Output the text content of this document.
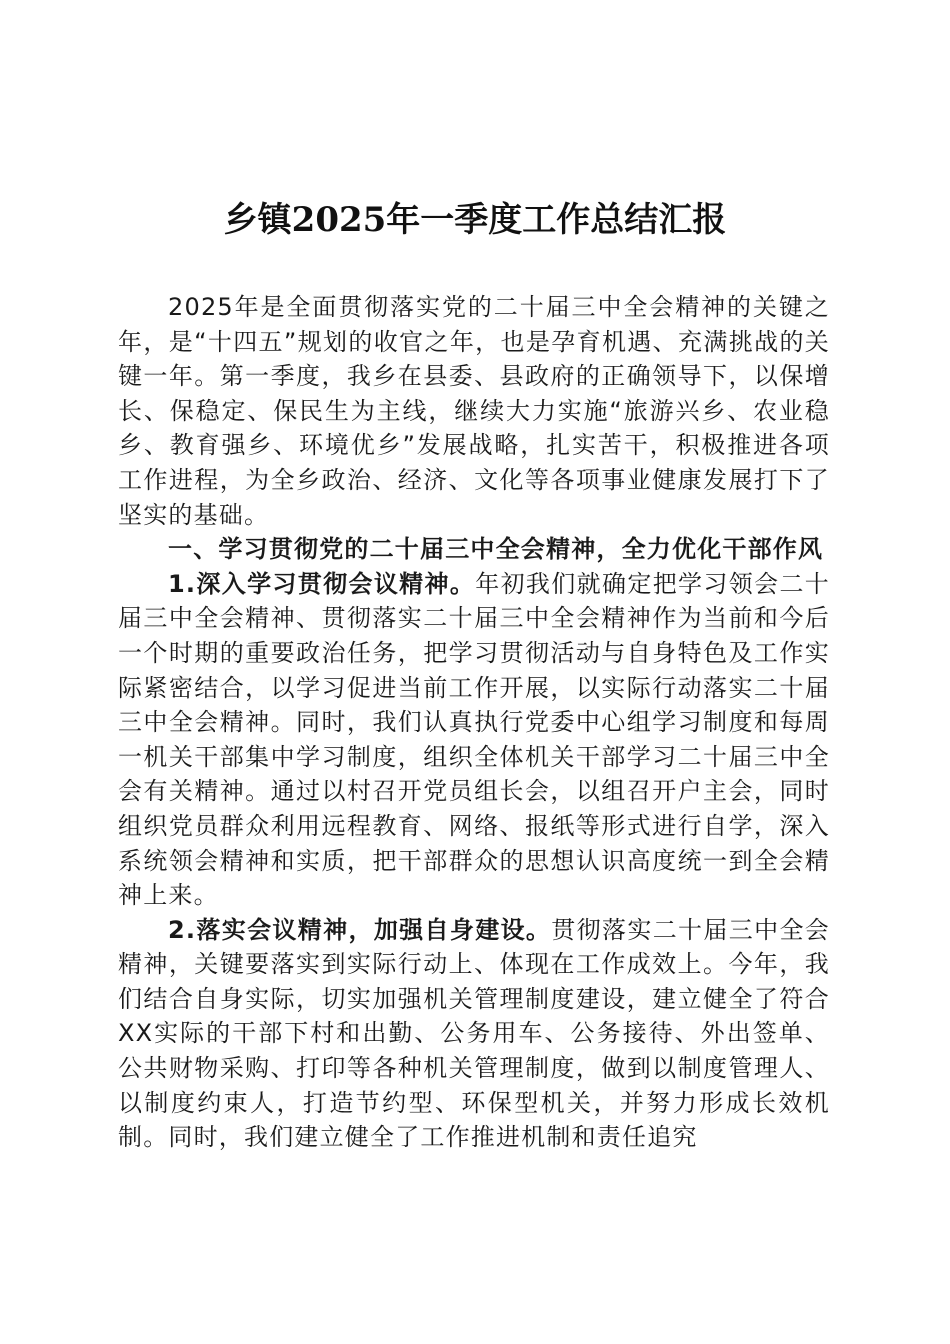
乡镇2025年一季度工作总结汇报

2025年是全面贯彻落实党的二十届三中全会精神的关键之年，是“十四五”规划的收官之年，也是孕育机遇、充满挑战的关键一年。第一季度，我乡在县委、县政府的正确领导下，以保增长、保稳定、保民生为主线，继续大力实施“旅游兴乡、农业稳乡、教育强乡、环境优乡”发展战略，扎实苦干，积极推进各项工作进程，为全乡政治、经济、文化等各项事业健康发展打下了坚实的基础。

一、学习贯彻党的二十届三中全会精神，全力优化干部作风

1.深入学习贯彻会议精神。年初我们就确定把学习领会二十届三中全会精神、贯彻落实二十届三中全会精神作为当前和今后一个时期的重要政治任务，把学习贯彻活动与自身特色及工作实际紧密结合，以学习促进当前工作开展，以实际行动落实二十届三中全会精神。同时，我们认真执行党委中心组学习制度和每周一机关干部集中学习制度，组织全体机关干部学习二十届三中全会有关精神。通过以村召开党员组长会，以组召开户主会，同时组织党员群众利用远程教育、网络、报纸等形式进行自学，深入系统领会精神和实质，把干部群众的思想认识高度统一到全会精神上来。

2.落实会议精神，加强自身建设。贯彻落实二十届三中全会精神，关键要落实到实际行动上、体现在工作成效上。今年，我们结合自身实际，切实加强机关管理制度建设，建立健全了符合XX实际的干部下村和出勤、公务用车、公务接待、外出签单、公共财物采购、打印等各种机关管理制度，做到以制度管理人、以制度约束人，打造节约型、环保型机关，并努力形成长效机制。同时，我们建立健全了工作推进机制和责任追究
